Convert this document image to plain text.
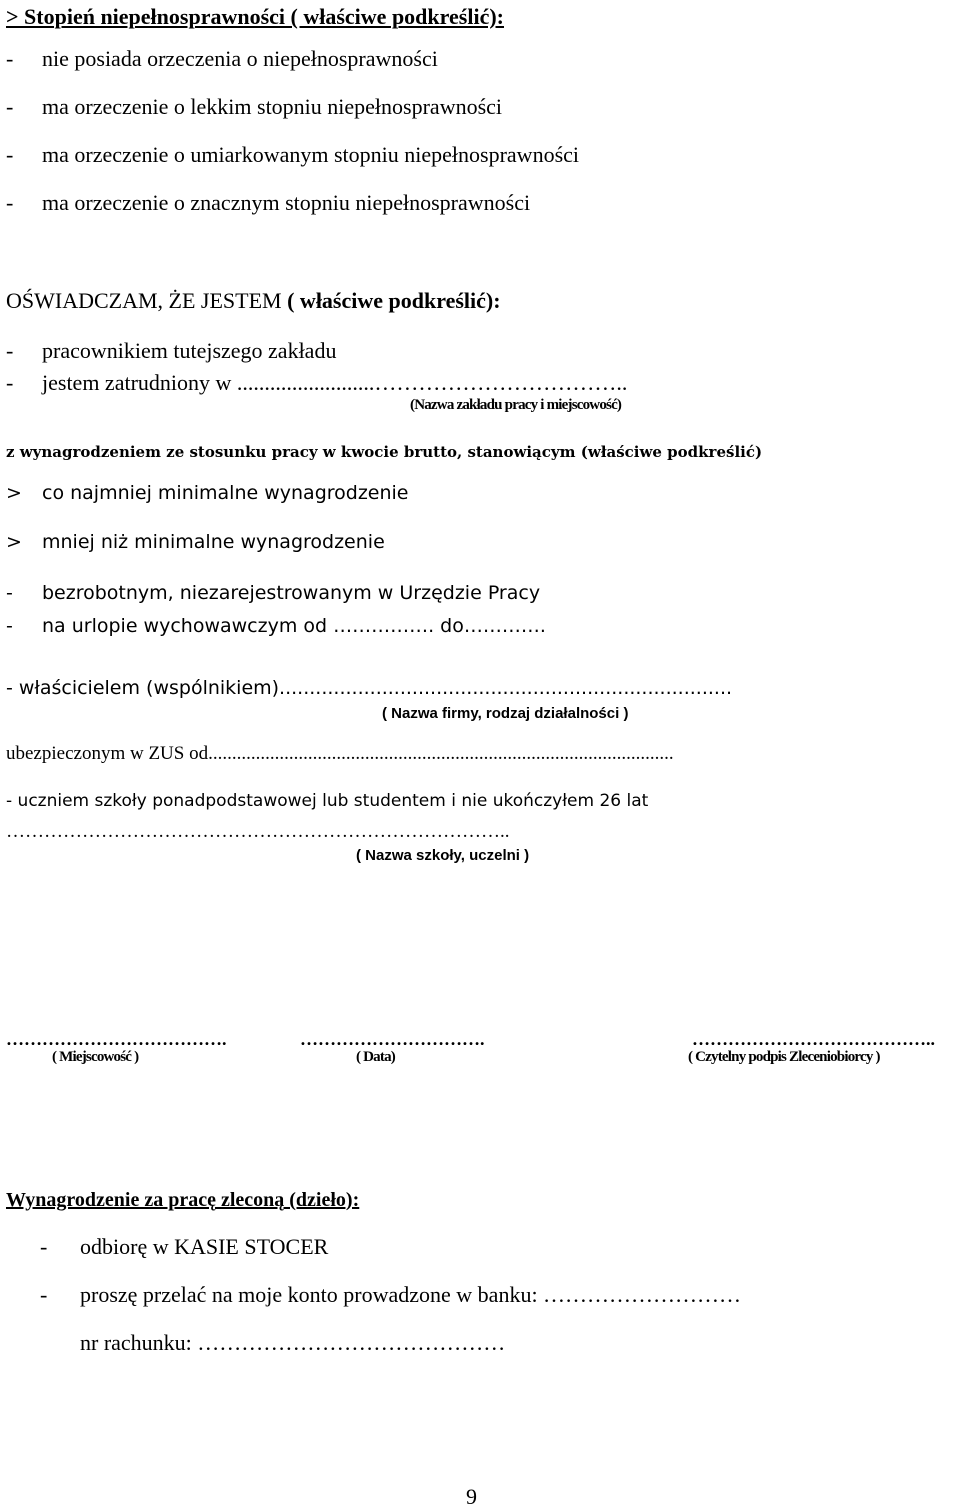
> Stopień niepełnosprawności ( właściwe podkreślić):
- nie posiada orzeczenia o niepełnosprawności
- ma orzeczenie o lekkim stopniu niepełnosprawności
- ma orzeczenie o umiarkowanym stopniu niepełnosprawności
- ma orzeczenie o znacznym stopniu niepełnosprawności
OŚWIADCZAM, ŻE JESTEM ( właściwe podkreślić):
- pracownikiem tutejszego zakładu
- jestem zatrudniony w .........................……………………………..
(Nazwa zakładu pracy i miejscowość)
z wynagrodzeniem ze stosunku pracy w kwocie brutto, stanowiącym (właściwe podkreślić)
> co najmniej minimalne wynagrodzenie
> mniej niż minimalne wynagrodzenie
- bezrobotnym, niezarejestrowanym w Urzędzie Pracy
- na urlopie wychowawczym od ……………. do………….
- właścicielem (wspólnikiem)...........................................................................
( Nazwa firmy, rodzaj działalności )
ubezpieczonym w ZUS od..................................................................................................
- uczniem szkoły ponadpodstawowej lub studentem i nie ukończyłem 26 lat
……………………………………………………………………..
( Nazwa szkoły, uczelni )
……………………………….
( Miejscowość )
………………………….
( Data)
…………………………………..
( Czytelny podpis Zleceniobiorcy )
Wynagrodzenie za pracę zleconą (dzieło):
- odbiorę w KASIE STOCER
- proszę przelać na moje konto prowadzone w banku: ………………………
nr rachunku: ……………………………………
9
